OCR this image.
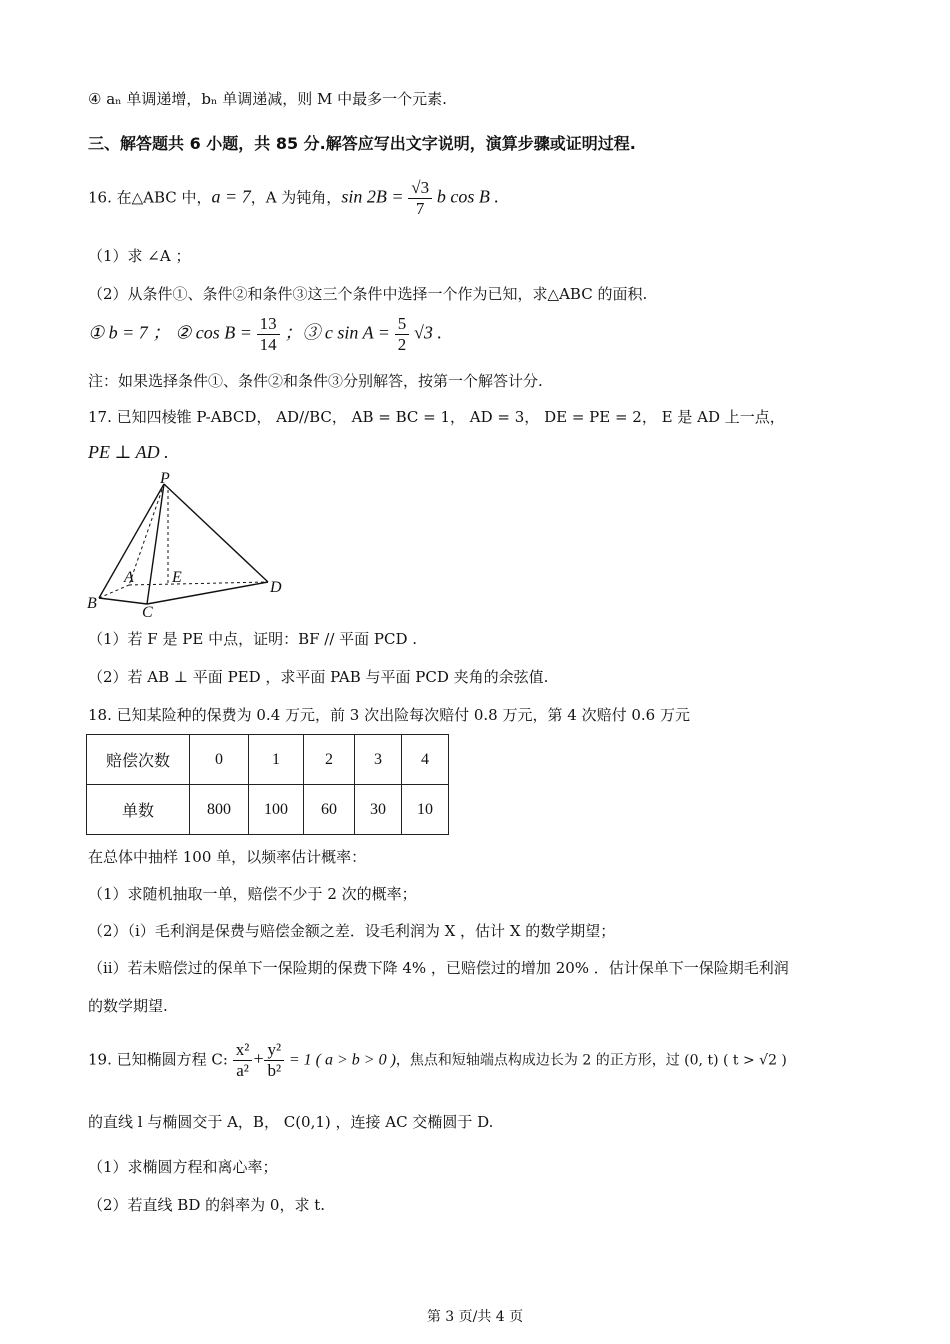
④ aₙ 单调递增，bₙ 单调递减，则 M 中最多一个元素.
三、解答题共 6 小题，共 85 分.解答应写出文字说明，演算步骤或证明过程.
16. 在△ABC 中，a = 7，A 为钝角，$\sin 2B = \frac{√3}{7}$ b cos B .
（1）求 ∠A ；
（2）从条件①、条件②和条件③这三个条件中选择一个作为已知，求△ABC 的面积.
① b = 7 ； ② $\cos B = \frac{13}{14}$ ；③ c $\sin A = \frac{5}{2} √3$ .
注：如果选择条件①、条件②和条件③分别解答，按第一个解答计分.
17. 已知四棱锥 P-ABCD， AD//BC， AB = BC = 1， AD = 3， DE = PE = 2， E 是 AD 上一点，
PE ⊥ AD .
P
A E
B
C
D
（1）若 F 是 PE 中点，证明：BF // 平面 PCD .
（2）若 AB ⊥ 平面 PED ，求平面 PAB 与平面 PCD 夹角的余弦值.
18. 已知某险种的保费为 0.4 万元，前 3 次出险每次赔付 0.8 万元，第 4 次赔付 0.6 万元
赔偿次数	0	1	2	3	4
单数	800	100	60	30	10
在总体中抽样 100 单，以频率估计概率：
（1）求随机抽取一单，赔偿不少于 2 次的概率；
（2）（i）毛利润是保费与赔偿金额之差．设毛利润为 X ，估计 X 的数学期望；
（ii）若未赔偿过的保单下一保险期的保费下降 4% ，已赔偿过的增加 20% ．估计保单下一保险期毛利润
的数学期望.
19. 已知椭圆方程 C: $\frac{\text{x²}}{\text{a²}} + \frac{\text{y²}}{\text{b²}} = 1$ ( a > b > 0 )，焦点和短轴端点构成边长为 2 的正方形，过 (0, t) ( t > √2 )
的直线 l 与椭圆交于 A，B， C(0,1) ，连接 AC 交椭圆于 D.
（1）求椭圆方程和离心率；
（2）若直线 BD 的斜率为 0，求 t.
第 3 页/共 4 页
